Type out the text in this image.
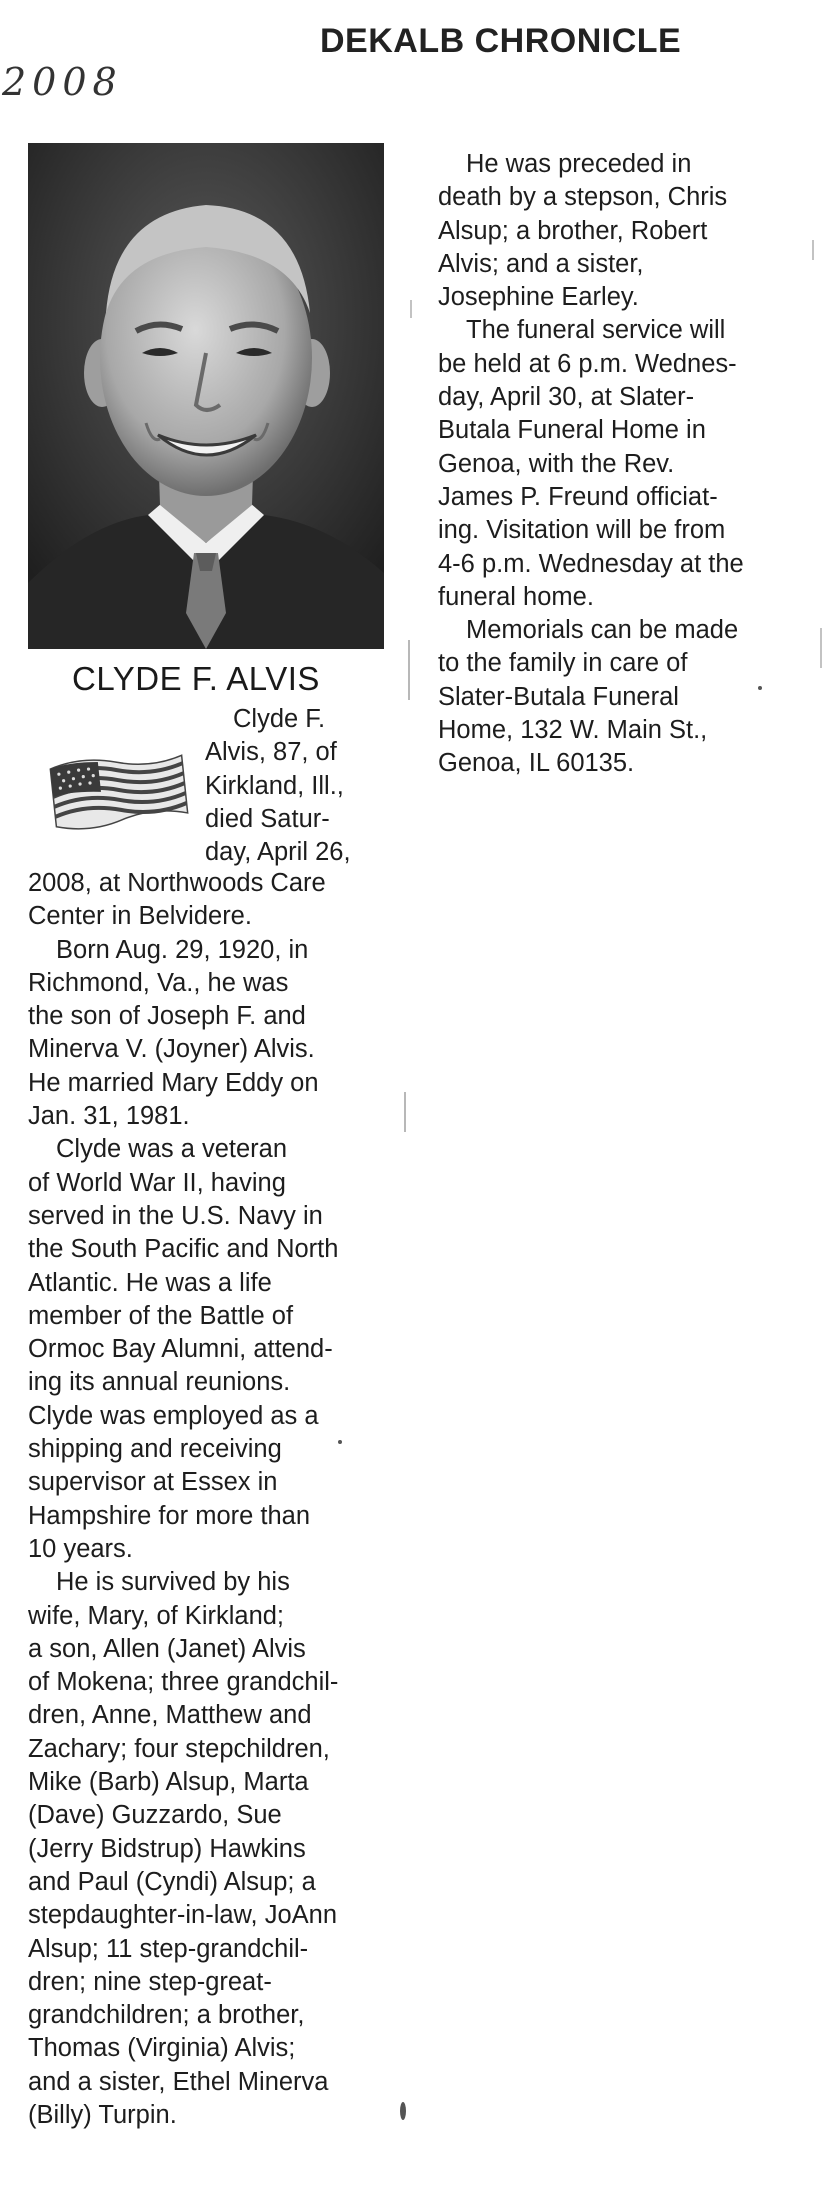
DEKALB CHRONICLE
2008
CLYDE F. ALVIS

Clyde F.

Alvis, 87, of

Kirkland, Ill.,

died Satur-

day, April 26,

2008, at Northwoods Care

Center in Belvidere.

Born Aug. 29, 1920, in

Richmond, Va., he was

the son of Joseph F. and

Minerva V. (Joyner) Alvis.

He married Mary Eddy on

Jan. 31, 1981.

Clyde was a veteran

of World War II, having

served in the U.S. Navy in

the South Pacific and North

Atlantic. He was a life

member of the Battle of

Ormoc Bay Alumni, attend-

ing its annual reunions.

Clyde was employed as a

shipping and receiving

supervisor at Essex in

Hampshire for more than

10 years.

He is survived by his

wife, Mary, of Kirkland;

a son, Allen (Janet) Alvis

of Mokena; three grandchil-

dren, Anne, Matthew and

Zachary; four stepchildren,

Mike (Barb) Alsup, Marta

(Dave) Guzzardo, Sue

(Jerry Bidstrup) Hawkins

and Paul (Cyndi) Alsup; a

stepdaughter-in-law, JoAnn

Alsup; 11 step-grandchil-

dren; nine step-great-

grandchildren; a brother,

Thomas (Virginia) Alvis;

and a sister, Ethel Minerva

(Billy) Turpin.

He was preceded in

death by a stepson, Chris

Alsup; a brother, Robert

Alvis; and a sister,

Josephine Earley.

The funeral service will

be held at 6 p.m. Wednes-

day, April 30, at Slater-

Butala Funeral Home in

Genoa, with the Rev.

James P. Freund officiat-

ing. Visitation will be from

4-6 p.m. Wednesday at the

funeral home.

Memorials can be made

to the family in care of

Slater-Butala Funeral

Home, 132 W. Main St.,

Genoa, IL 60135.
